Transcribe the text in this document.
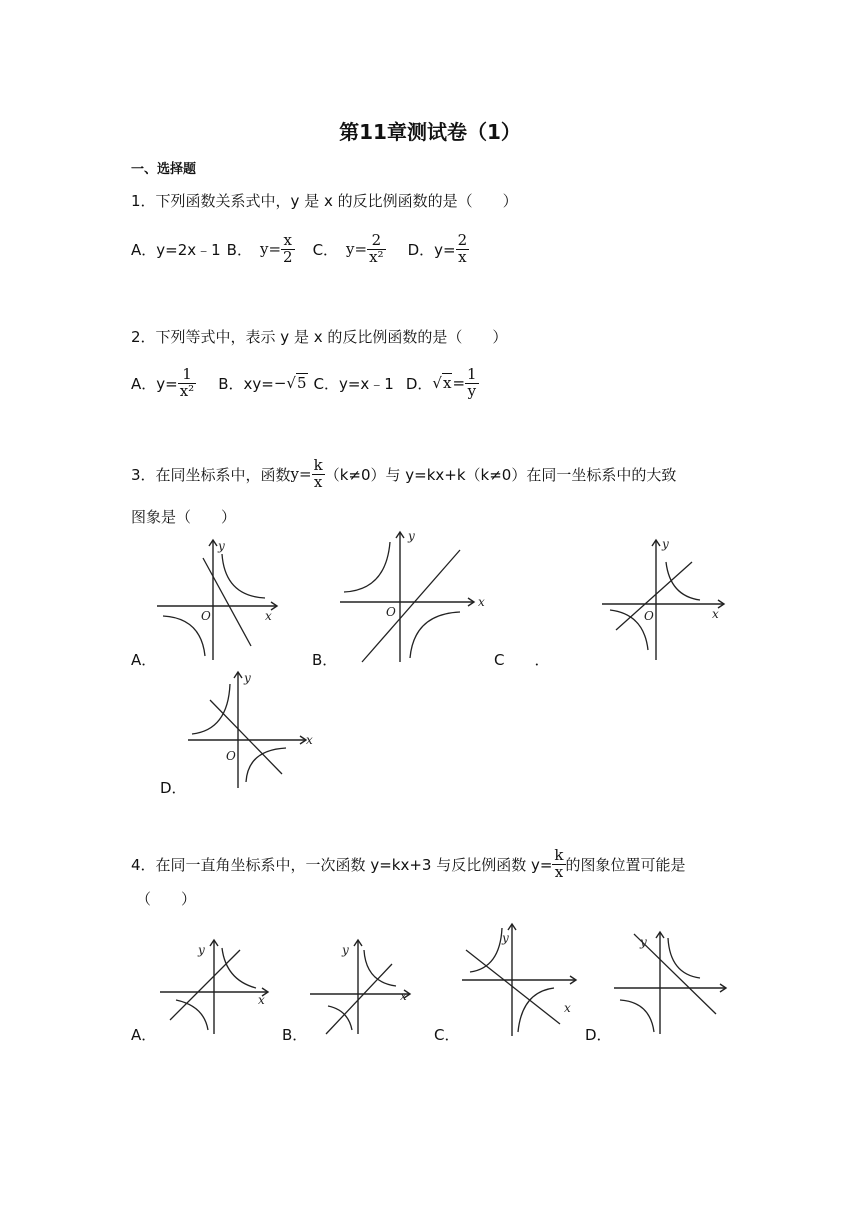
第11章测试卷（1）
一、选择题
1．下列函数关系式中，y 是 x 的反比例函数的是（　　）
A．y=2x﹣1 B． $y= \frac{x}{2}$ C． $y= \frac{2}{\text{x²}}$ D．$y= \frac{2}{x}$
2．下列等式中，表示 y 是 x 的反比例函数的是（　　）
A．$y= \frac{1}{\text{x²}}$ B．xy= −√5 C．y=x﹣1 D． $√x = \frac{1}{y}$
3．在同坐标系中，函数 $y= \frac{k}{x} (k\ne 0)$与 y=kx+k（k≠0）在同一坐标系中的大致
图象是（　　）
y
x
O
A．
y
x
O
B．
y
x
O
C　　．
y
x
O
D．
4．在同一直角坐标系中，一次函数 y=kx+3 与反比例函数 $y= \frac{k}{x}$ 的图象位置可能是
（　　）
y
x
A．
y
x
B．
y
x
C．
y
D．
